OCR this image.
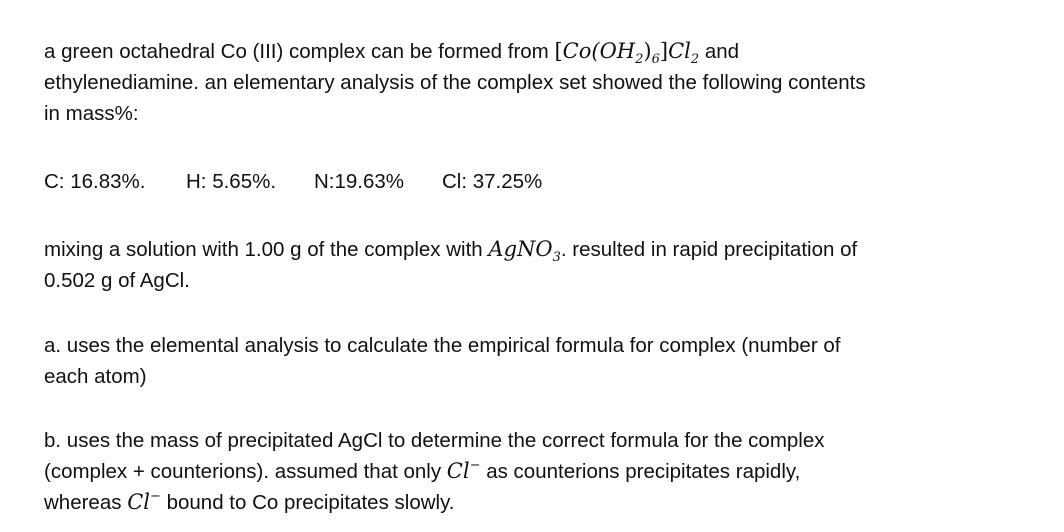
a green octahedral Co (III) complex can be formed from $[Co(OH_2)_6]Cl_2$ and
ethylenediamine. an elementary analysis of the complex set showed the following contents
in mass%:

C: 16.83%. H: 5.65%. N:19.63% Cl: 37.25%

mixing a solution with 1.00 g of the complex with AgNO$_3$. resulted in rapid precipitation of
0.502 g of AgCl.

a. uses the elemental analysis to calculate the empirical formula for complex (number of
each atom)

b. uses the mass of precipitated AgCl to determine the correct formula for the complex
(complex + counterions). assumed that only Cl− as counterions precipitates rapidly,
whereas Cl− bound to Co precipitates slowly.
